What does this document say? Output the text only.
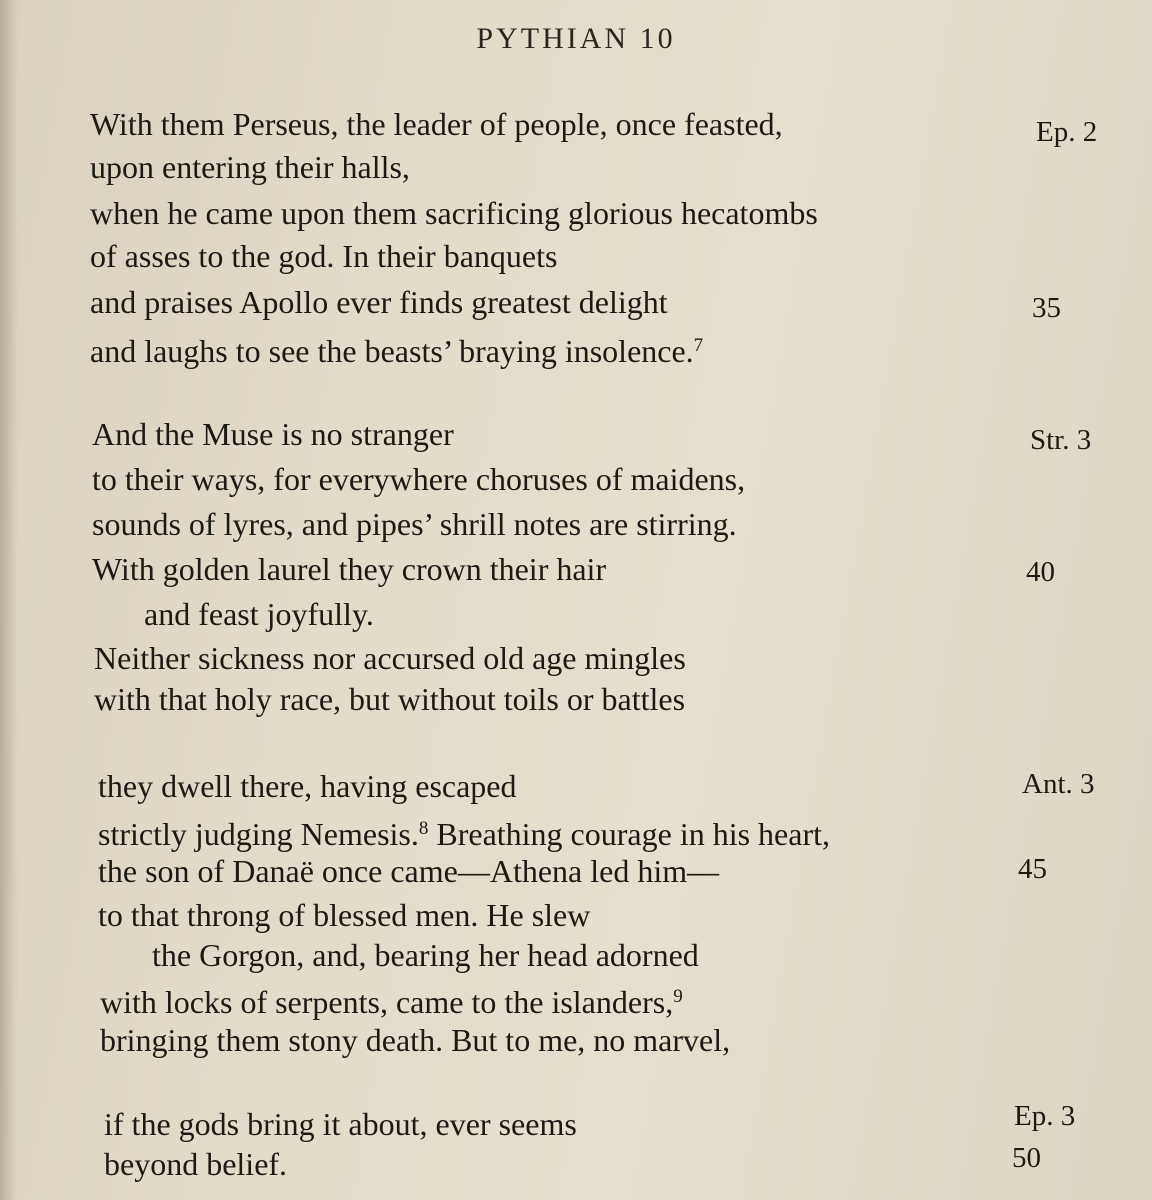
PYTHIAN 10
With them Perseus, the leader of people, once feasted,
upon entering their halls,
when he came upon them sacrificing glorious hecatombs
of asses to the god. In their banquets
and praises Apollo ever finds greatest delight
and laughs to see the beasts’ braying insolence.$^7$
And the Muse is no stranger
to their ways, for everywhere choruses of maidens,
sounds of lyres, and pipes’ shrill notes are stirring.
With golden laurel they crown their hair
and feast joyfully.
Neither sickness nor accursed old age mingles
with that holy race, but without toils or battles
they dwell there, having escaped
strictly judging Nemesis.$^8$ Breathing courage in his heart,
the son of Danaë once came—Athena led him—
to that throng of blessed men. He slew
the Gorgon, and, bearing her head adorned
with locks of serpents, came to the islanders,$^9$
bringing them stony death. But to me, no marvel,
if the gods bring it about, ever seems
beyond belief.
Ep. 2
35
Str. 3
40
Ant. 3
45
Ep. 3
50
